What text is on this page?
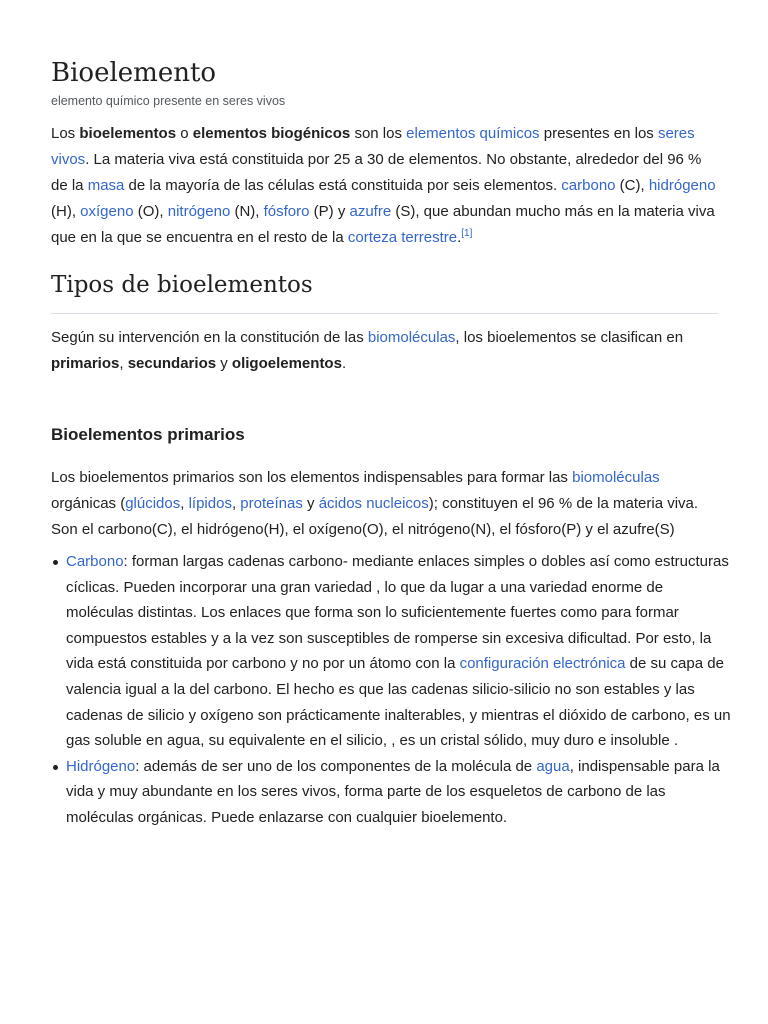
Bioelemento
elemento químico presente en seres vivos

Los bioelementos o elementos biogénicos son los elementos químicos presentes en los seres vivos. La materia viva está constituida por 25 a 30 de elementos. No obstante, alrededor del 96 % de la masa de la mayoría de las células está constituida por seis elementos. carbono (C), hidrógeno (H), oxígeno (O), nitrógeno (N), fósforo (P) y azufre (S), que abundan mucho más en la materia viva que en la que se encuentra en el resto de la corteza terrestre.[1]

Tipos de bioelementos

Según su intervención en la constitución de las biomoléculas, los bioelementos se clasifican en primarios, secundarios y oligoelementos.

Bioelementos primarios

Los bioelementos primarios son los elementos indispensables para formar las biomoléculas orgánicas (glúcidos, lípidos, proteínas y ácidos nucleicos); constituyen el 96 % de la materia viva. Son el carbono(C), el hidrógeno(H), el oxígeno(O), el nitrógeno(N), el fósforo(P) y el azufre(S)

Carbono: forman largas cadenas carbono- mediante enlaces simples o dobles así como estructuras cíclicas. Pueden incorporar una gran variedad , lo que da lugar a una variedad enorme de moléculas distintas. Los enlaces que forma son lo suficientemente fuertes como para formar compuestos estables y a la vez son susceptibles de romperse sin excesiva dificultad. Por esto, la vida está constituida por carbono y no por un átomo con la configuración electrónica de su capa de valencia igual a la del carbono. El hecho es que las cadenas silicio-silicio no son estables y las cadenas de silicio y oxígeno son prácticamente inalterables, y mientras el dióxido de carbono, es un gas soluble en agua, su equivalente en el silicio, , es un cristal sólido, muy duro e insoluble .
Hidrógeno: además de ser uno de los componentes de la molécula de agua, indispensable para la vida y muy abundante en los seres vivos, forma parte de los esqueletos de carbono de las moléculas orgánicas. Puede enlazarse con cualquier bioelemento.
